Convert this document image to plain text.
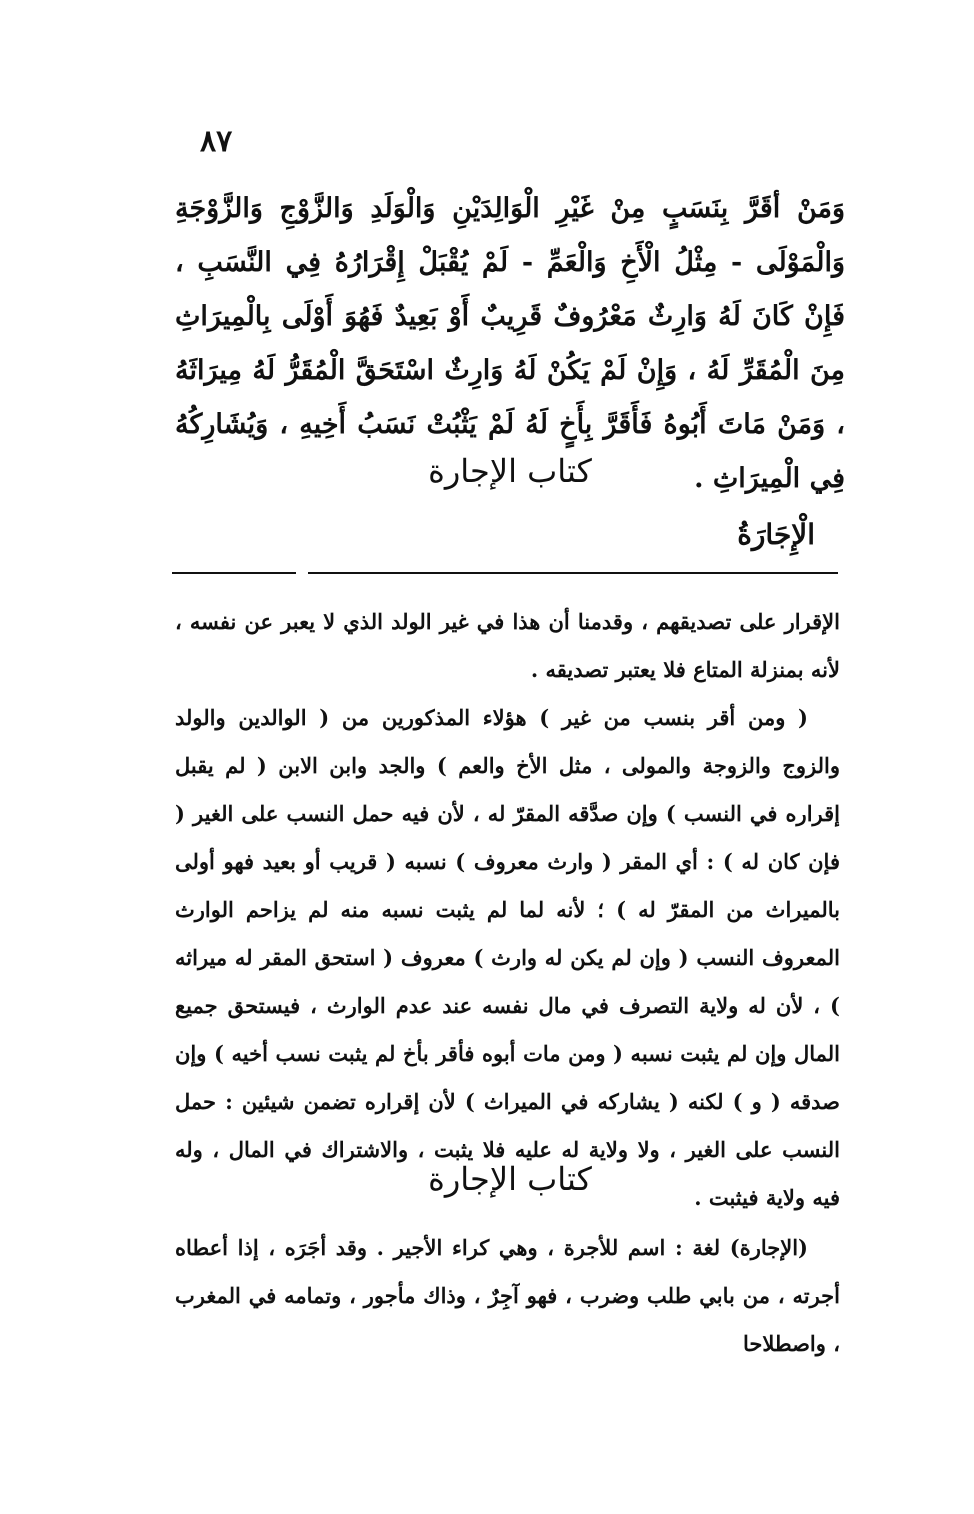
٨٧
وَمَنْ أقَرَّ بِنَسَبٍ مِنْ غَيْرِ الْوَالِدَيْنِ وَالْوَلَدِ وَالزَّوْجِ وَالزَّوْجَةِ وَالْمَوْلَى - مِثْلُ الْأَخِ وَالْعَمِّ - لَمْ يُقْبَلْ إِقْرَارُهُ فِي النَّسَبِ ، فَإِنْ كَانَ لَهُ وَارِثٌ مَعْرُوفٌ قَرِيبٌ أَوْ بَعِيدٌ فَهُوَ أَوْلَى بِالْمِيرَاثِ مِنَ الْمُقَرِّ لَهُ ، وَإِنْ لَمْ يَكُنْ لَهُ وَارِثٌ اسْتَحَقَّ الْمُقَرُّ لَهُ مِيرَاثَهُ ، وَمَنْ مَاتَ أَبُوهُ فَأَقَرَّ بِأَخٍ لَهُ لَمْ يَثْبُتْ نَسَبُ أَخِيهِ ، وَيُشَارِكُهُ فِي الْمِيرَاثِ .
كتاب الإجارة
الْإِجَارَةُ

الإقرار على تصديقهم ، وقدمنا أن هذا في غير الولد الذي لا يعبر عن نفسه ، لأنه بمنزلة المتاع فلا يعتبر تصديقه .

( ومن أقر بنسب من غير ) هؤلاء المذكورين من ( الوالدين والولد والزوج والزوجة والمولى ، مثل الأخ والعم ) والجد وابن الابن ( لم يقبل إقراره في النسب ) وإن صدَّقه المقرّ له ، لأن فيه حمل النسب على الغير ( فإن كان له ) : أي المقر ( وارث معروف ) نسبه ( قريب أو بعيد فهو أولى بالميراث من المقرّ له ) ؛ لأنه لما لم يثبت نسبه منه لم يزاحم الوارث المعروف النسب ( وإن لم يكن له وارث ) معروف ( استحق المقر له ميراثه ) ، لأن له ولاية التصرف في مال نفسه عند عدم الوارث ، فيستحق جميع المال وإن لم يثبت نسبه ( ومن مات أبوه فأقر بأخ لم يثبت نسب أخيه ) وإن صدقه ( و ) لكنه ( يشاركه في الميراث ) لأن إقراره تضمن شيئين : حمل النسب على الغير ، ولا ولاية له عليه فلا يثبت ، والاشتراك في المال ، وله فيه ولاية فيثبت .

كتاب الإجارة

(الإجارة) لغة : اسم للأجرة ، وهي كراء الأجير . وقد أجَرَه ، إذا أعطاه أجرته ، من بابي طلب وضرب ، فهو آجِرٌ ، وذاك مأجور ، وتمامه في المغرب ، واصطلاحا
